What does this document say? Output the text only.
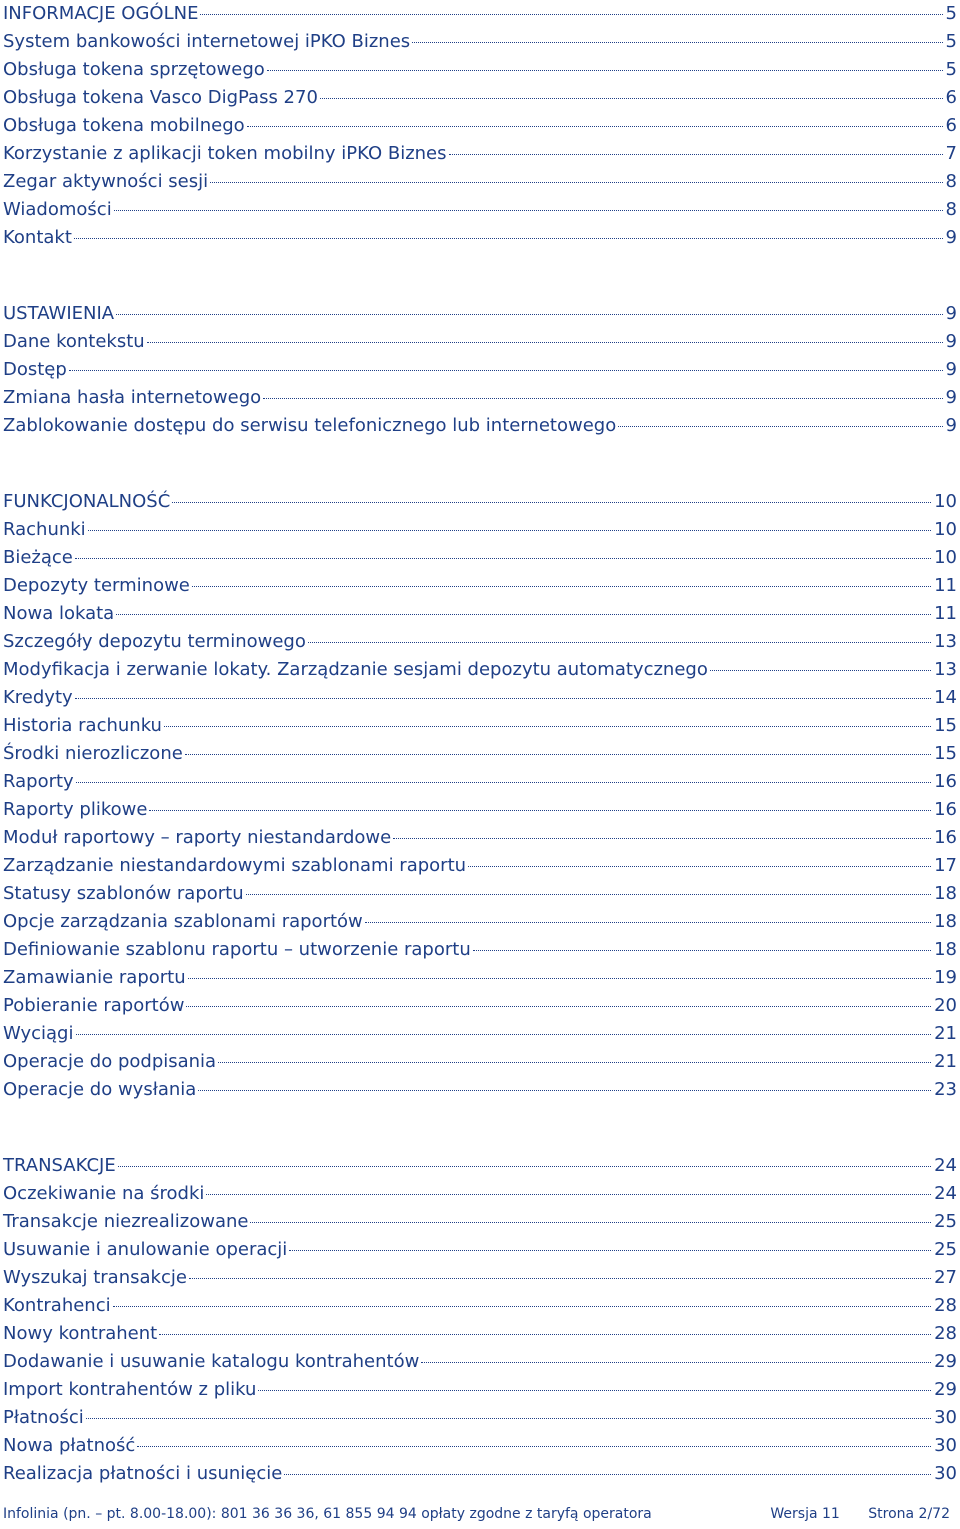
INFORMACJE OGÓLNE	5
System bankowości internetowej iPKO Biznes	5
Obsługa tokena sprzętowego	5
Obsługa tokena Vasco DigPass 270	6
Obsługa tokena mobilnego	6
Korzystanie z aplikacji token mobilny iPKO Biznes	7
Zegar aktywności sesji	8
Wiadomości	8
Kontakt	9
USTAWIENIA	9
Dane kontekstu	9
Dostęp	9
Zmiana hasła internetowego	9
Zablokowanie dostępu do serwisu telefonicznego lub internetowego	9
FUNKCJONALNOŚĆ	10
Rachunki	10
Bieżące	10
Depozyty terminowe	11
Nowa lokata	11
Szczegóły depozytu terminowego	13
Modyfikacja i zerwanie lokaty. Zarządzanie sesjami depozytu automatycznego	13
Kredyty	14
Historia rachunku	15
Środki nierozliczone	15
Raporty	16
Raporty plikowe	16
Moduł raportowy – raporty niestandardowe	16
Zarządzanie niestandardowymi szablonami raportu	17
Statusy szablonów raportu	18
Opcje zarządzania szablonami raportów	18
Definiowanie szablonu raportu – utworzenie raportu	18
Zamawianie raportu	19
Pobieranie raportów	20
Wyciągi	21
Operacje do podpisania	21
Operacje do wysłania	23
TRANSAKCJE	24
Oczekiwanie na środki	24
Transakcje niezrealizowane	25
Usuwanie i anulowanie operacji	25
Wyszukaj transakcje	27
Kontrahenci	28
Nowy kontrahent	28
Dodawanie i usuwanie katalogu kontrahentów	29
Import kontrahentów z pliku	29
Płatności	30
Nowa płatność	30
Realizacja płatności i usunięcie	30
Infolinia (pn. – pt. 8.00-18.00): 801 36 36 36, 61 855 94 94 opłaty zgodne z taryfą operatora	Wersja 11 Strona 2/72
